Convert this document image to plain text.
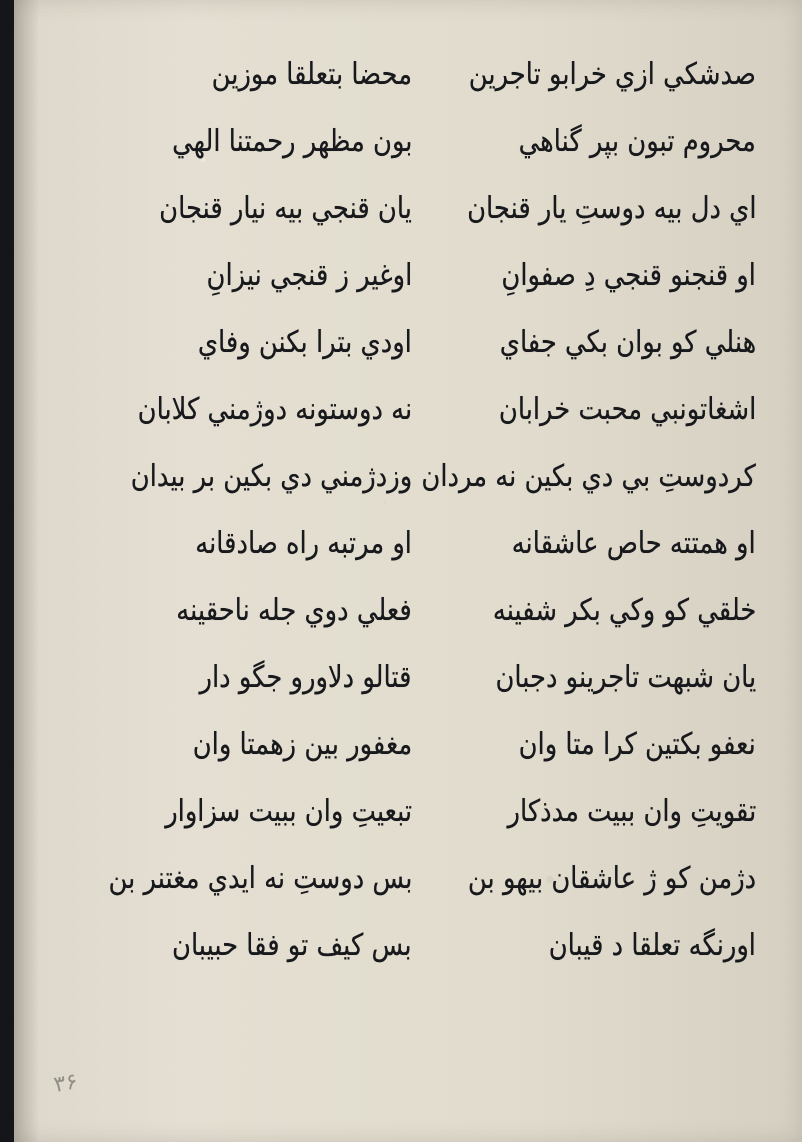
صدشكي ازي خرابو تاجرين
محضا بتعلقا موزين
محروم تبون بپر گناهي
بون مظهر رحمتنا الهي
اي دل بيه دوستِ يار قنجان
يان قنجي بيه نيار قنجان
او قنجنو قنجي دِ صفوانِ
اوغير ز قنجي نيزانِ
هنلي كو بوان بكي جفاي
اودي بترا بكنن وفاي
اشغاتونبي محبت خرابان
نه دوستونه دوژمني كلابان
كردوستِ بي دي بكين نه مردان
وزدژمني دي بكين بر بيدان
او همتته حاص عاشقانه
او مرتبه راه صادقانه
خلقي كو وكي بكر شفينه
فعلي دوي جله ناحقينه
يان شبهت تاجرينو دجبان
قتالو دلاورو جگو دار
نعفو بكتين كرا متا وان
مغفور بين زهمتا وان
تقويتِ وان ببيت مدذكار
تبعيتِ وان ببيت سزاوار
دژمن كو ژ عاشقان بيهو بن
بس دوستِ نه ايدي مغتنر بن
اورنگه تعلقا د قيبان
بس كيف تو فقا حبيبان
۳۶
